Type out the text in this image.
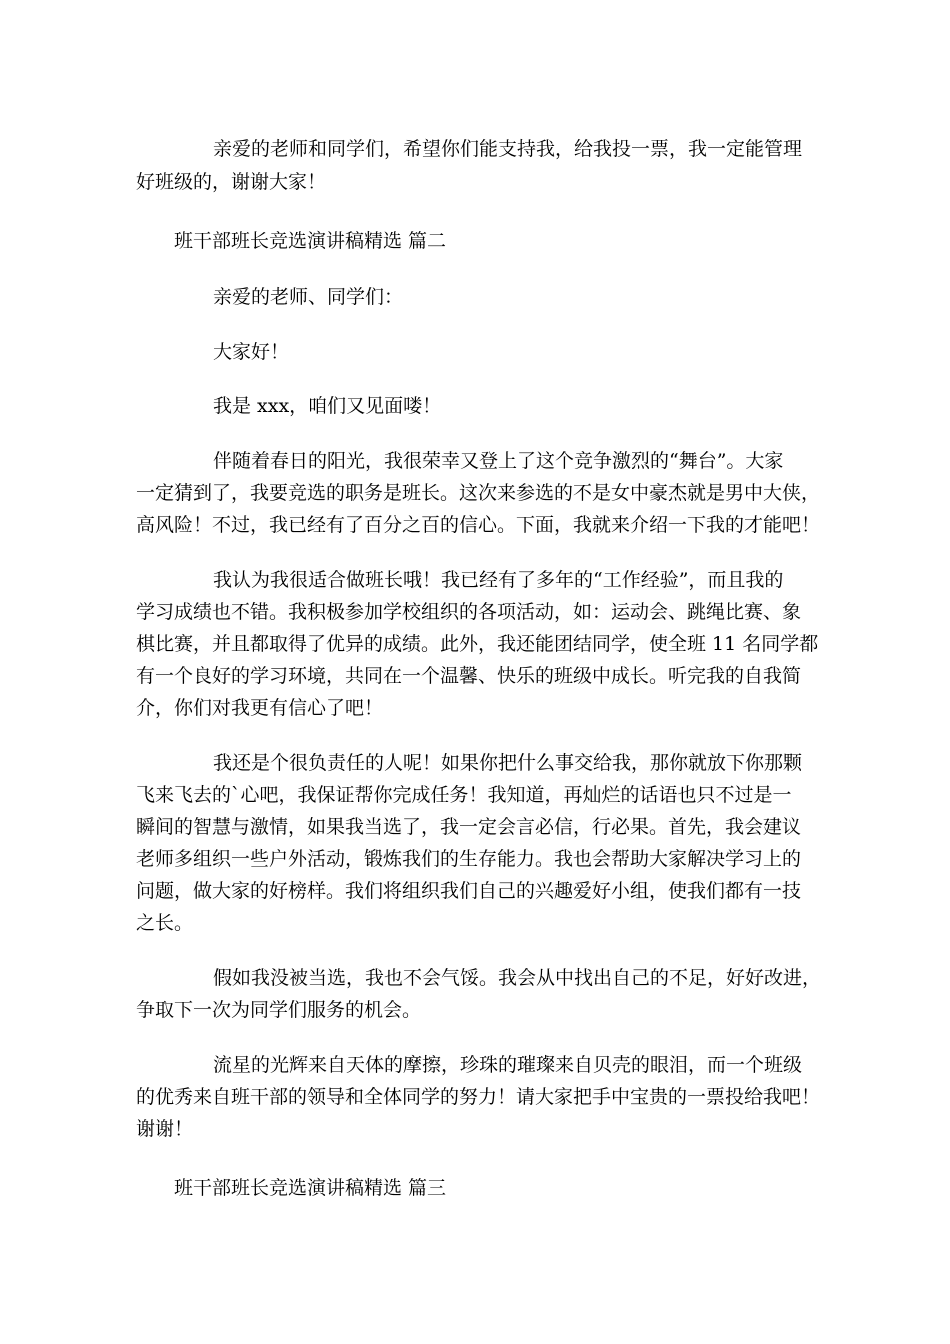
亲爱的老师和同学们，希望你们能支持我，给我投一票，我一定能管理
好班级的，谢谢大家！
班干部班长竞选演讲稿精选 篇二
亲爱的老师、同学们：
大家好！
我是 xxx，咱们又见面喽！
伴随着春日的阳光，我很荣幸又登上了这个竞争激烈的“舞台”。大家
一定猜到了，我要竞选的职务是班长。这次来参选的不是女中豪杰就是男中大侠，
高风险！不过，我已经有了百分之百的信心。下面，我就来介绍一下我的才能吧！
我认为我很适合做班长哦！我已经有了多年的“工作经验”，而且我的
学习成绩也不错。我积极参加学校组织的各项活动，如：运动会、跳绳比赛、象
棋比赛，并且都取得了优异的成绩。此外，我还能团结同学，使全班 11 名同学都
有一个良好的学习环境，共同在一个温馨、快乐的班级中成长。听完我的自我简
介，你们对我更有信心了吧！
我还是个很负责任的人呢！如果你把什么事交给我，那你就放下你那颗
飞来飞去的`心吧，我保证帮你完成任务！我知道，再灿烂的话语也只不过是一
瞬间的智慧与激情，如果我当选了，我一定会言必信，行必果。首先，我会建议
老师多组织一些户外活动，锻炼我们的生存能力。我也会帮助大家解决学习上的
问题，做大家的好榜样。我们将组织我们自己的兴趣爱好小组，使我们都有一技
之长。
假如我没被当选，我也不会气馁。我会从中找出自己的不足，好好改进，
争取下一次为同学们服务的机会。
流星的光辉来自天体的摩擦，珍珠的璀璨来自贝壳的眼泪，而一个班级
的优秀来自班干部的领导和全体同学的努力！请大家把手中宝贵的一票投给我吧！
谢谢！
班干部班长竞选演讲稿精选 篇三
